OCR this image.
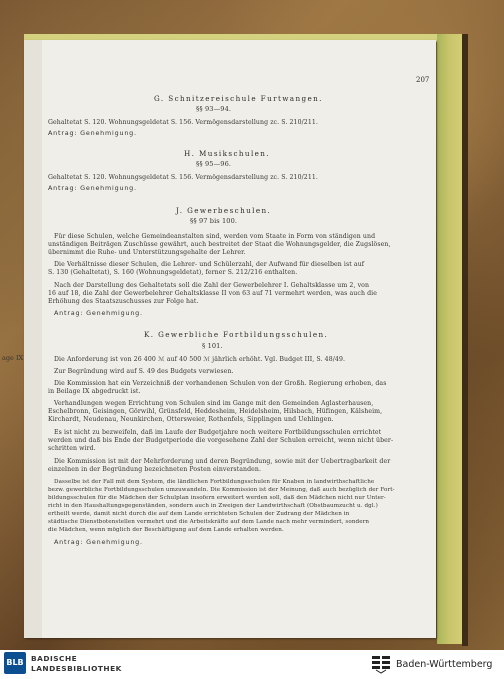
207
G. Schnitzereischule Furtwangen.
§§ 93—94.
Gehaltetat S. 120. Wohnungsgeldetat S. 156. Vermögensdarstellung zc. S. 210/211.
Antrag: Genehmigung.
H. Musikschulen.
§§ 95—96.
Gehaltetat S. 120. Wohnungsgeldetat S. 156. Vermögensdarstellung zc. S. 210/211.
Antrag: Genehmigung.
J. Gewerbeschulen.
§§ 97 bis 100.
Für diese Schulen, welche Gemeindeanstalten sind, werden vom Staate in Form von ständigen und
unständigen Beiträgen Zuschüsse gewährt, auch bestreitet der Staat die Wohnungsgelder, die Zugslösen,
übernimmt die Ruhe- und Unterstützungsgehalte der Lehrer.
Die Verhältnisse dieser Schulen, die Lehrer- und Schülerzahl, der Aufwand für dieselben ist auf
S. 130 (Gehaltetat), S. 160 (Wohnungsgeldetat), ferner S. 212/216 enthalten.
Nach der Darstellung des Gehaltetats soll die Zahl der Gewerbelehrer I. Gehaltsklasse um 2, von
16 auf 18, die Zahl der Gewerbelehrer Gehaltsklasse II von 63 auf 71 vermehrt werden, was auch die
Erhöhung des Staatszuschusses zur Folge hat.
Antrag: Genehmigung.
K. Gewerbliche Fortbildungsschulen.
§ 101.
Die Anforderung ist von 26 400 ℳ auf 40 500 ℳ jährlich erhöht. Vgl. Budget III, S. 48/49.
Zur Begründung wird auf S. 49 des Budgets verwiesen.
Die Kommission hat ein Verzeichniß der vorhandenen Schulen von der Großh. Regierung erhoben, das
in Beilage IX abgedruckt ist.
Verhandlungen wegen Errichtung von Schulen sind im Gange mit den Gemeinden Aglasterhausen,
Eschelbronn, Geisingen, Görwihl, Grünsfeld, Heddesheim, Heidelsheim, Hilsbach, Hüfingen, Kälsheim,
Kirchardt, Neudenau, Neunkirchen, Ottersweier, Rothenfels, Sipplingen und Uehlingen.
Es ist nicht zu bezweifeln, daß im Laufe der Budgetjahre noch weitere Fortbildungsschulen errichtet
werden und daß bis Ende der Budgetperiode die vorgesehene Zahl der Schulen erreicht, wenn nicht über-
schritten wird.
Die Kommission ist mit der Mehrforderung und deren Begründung, sowie mit der Uebertragbarkeit der
einzelnen in der Begründung bezeichneten Posten einverstanden.
Dasselbe ist der Fall mit dem System, die ländlichen Fortbildungsschulen für Knaben in landwirthschaftliche
bezw. gewerbliche Fortbildungsschulen umzuwandeln. Die Kommission ist der Meinung, daß auch bezüglich der Fort-
bildungsschulen für die Mädchen der Schulplan insofern erweitert werden soll, daß den Mädchen nicht nur Unter-
richt in den Haushaltungsgegenständen, sondern auch in Zweigen der Landwirthschaft (Obstbaumzucht u. dgl.)
ertheilt werde, damit nicht durch die auf dem Lande errichteten Schulen der Zudrang der Mädchen in
städtische Dienstbotenstellen vermehrt und die Arbeitskräfte auf dem Lande nach mehr vermindert, sondern
die Mädchen, wenn möglich der Beschäftigung auf dem Lande erhalten werden.
Antrag: Genehmigung.
age IX
BLB BADISCHE
LANDESBIBLIOTHEK	Baden-Württemberg
